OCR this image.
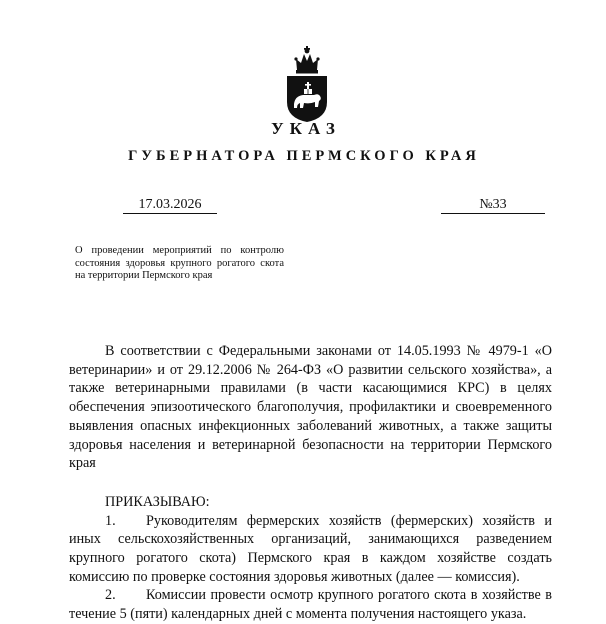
УКАЗ
ГУБЕРНАТОРА ПЕРМСКОГО КРАЯ
17.03.2026	№33
О проведении мероприятий по контролю состояния здоровья крупного рогатого скота на территории Пермского края

В соответствии с Федеральными законами от 14.05.1993 № 4979-1 «О ветеринарии» и от 29.12.2006 № 264-ФЗ «О развитии сельского хозяйства», а также ветеринарными правилами (в части касающимися КРС) в целях обеспечения эпизоотического благополучия, профилактики и своевременного выявления опасных инфекционных заболеваний животных, а также защиты здоровья населения и ветеринарной безопасности на территории Пермского края

ПРИКАЗЫВАЮ:

1. Руководителям фермерских хозяйств (фермерских) хозяйств и иных сельскохозяйственных организаций, занимающихся разведением крупного рогатого скота) Пермского края в каждом хозяйстве создать комиссию по проверке состояния здоровья животных (далее — комиссия).

2. Комиссии провести осмотр крупного рогатого скота в хозяйстве в течение 5 (пяти) календарных дней с момента получения настоящего указа.
